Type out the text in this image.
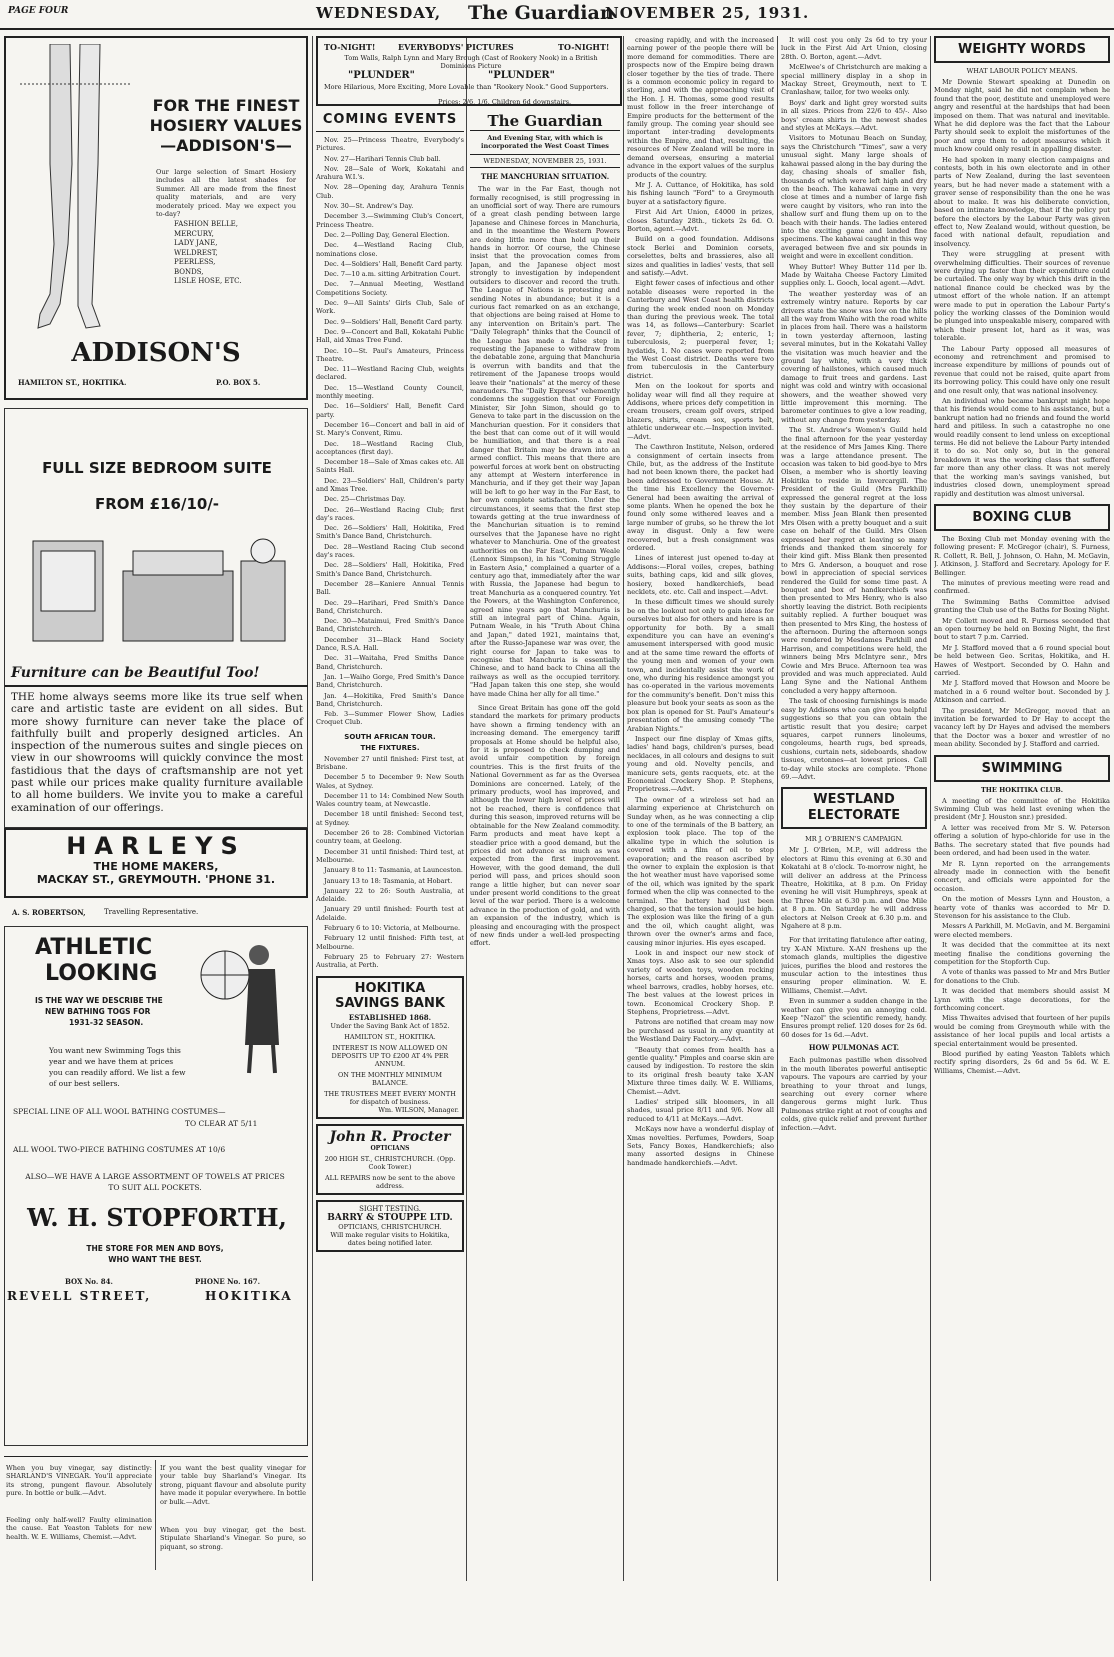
PAGE FOUR	WEDNESDAY, The Guardian
NOVEMBER 25, 1931.
FOR THE FINEST
HOSIERY VALUES
—ADDISON'S—
Our large selection of Smart Hosiery includes all the latest shades for Summer. All are made from the finest quality materials, and are very moderately priced. May we expect you to-day?
FASHION BELLE,
MERCURY,
LADY JANE,
WELDREST,
PEERLESS,
BONDS,
LISLE HOSE, ETC.
ADDISON'S
HAMILTON ST., HOKITIKA.	P.O. BOX 5.
FULL SIZE BEDROOM SUITE
FROM £16/10/-
Furniture can be Beautiful Too!
THE home always seems more like its true self when care and artistic taste are evident on all sides. But more showy furniture can never take the place of faithfully built and properly designed articles. An inspection of the numerous suites and single pieces on view in our showrooms will quickly convince the most fastidious that the days of craftsmanship are not yet past while our prices make quality furniture available to all home builders. We invite you to make a careful examination of our offerings.
HARLEYS
THE HOME MAKERS,
MACKAY ST., GREYMOUTH. 'PHONE 31.
A. S. ROBERTSON,	Travelling Representative.
ATHLETIC
LOOKING
IS THE WAY WE DESCRIBE THE
NEW BATHING TOGS FOR
1931-32 SEASON.
You want new Swimming Togs this year and we have them at prices you can readily afford. We list a few of our best sellers.
SPECIAL LINE OF ALL WOOL BATHING COSTUMES—
TO CLEAR AT 5/11
ALL WOOL TWO-PIECE BATHING COSTUMES AT 10/6
ALSO—WE HAVE A LARGE ASSORTMENT OF TOWELS AT PRICES TO SUIT ALL POCKETS.
W. H. STOPFORTH,
THE STORE FOR MEN AND BOYS, WHO WANT THE BEST.
BOX No. 84.	PHONE No. 167.
REVELL STREET,	HOKITIKA
When you buy vinegar, say distinctly: SHARLAND'S VINEGAR. You'll appreciate its strong, pungent flavour. Absolutely pure. In bottle or bulk.—Advt.
Feeling only half-well? Faulty elimination the cause. Eat Yeaston Tablets for new health. W. E. Williams, Chemist.—Advt.
If you want the best quality vinegar for your table buy Sharland's Vinegar. Its strong, piquant flavour and absolute purity have made it popular everywhere. In bottle or bulk.—Advt.
When you buy vinegar, get the best. Stipulate Sharland's Vinegar. So pure, so piquant, so strong.
TO-NIGHT!	EVERYBODYS' PICTURES	TO-NIGHT!
Tom Walls, Ralph Lynn and Mary Brough (Cast of Rookery Nook) in a British Dominions Picture
"PLUNDER"	"PLUNDER"
More Hilarious, More Exciting, More Lovable than "Rookery Nook." Good Supporters.
Prices: 2/6, 1/6. Children 6d downstairs.
COMING EVENTS

Nov. 25—Princess Theatre, Everybody's Pictures.

Nov. 27—Harihari Tennis Club ball.

Nov. 28—Sale of Work, Kokatahi and Arahura W.I.'s.

Nov. 28—Opening day, Arahura Tennis Club.

Nov. 30—St. Andrew's Day.

December 3.—Swimming Club's Concert, Princess Theatre.

Dec. 2—Polling Day, General Election.

Dec. 4—Westland Racing Club, nominations close.

Dec. 4—Soldiers' Hall, Benefit Card party.

Dec. 7—10 a.m. sitting Arbitration Court.

Dec. 7—Annual Meeting, Westland Competitions Society.

Dec. 9—All Saints' Girls Club, Sale of Work.

Dec. 9—Soldiers' Hall, Benefit Card party.

Dec. 9—Concert and Ball, Kokatahi Public Hall, aid Xmas Tree Fund.

Dec. 10—St. Paul's Amateurs, Princess Theatre.

Dec. 11—Westland Racing Club, weights declared.

Dec. 15—Westland County Council, monthly meeting.

Dec. 16—Soldiers' Hall, Benefit Card party.

December 16—Concert and ball in aid of St. Mary's Convent, Rimu.

Dec. 18—Westland Racing Club, acceptances (first day).

December 18—Sale of Xmas cakes etc. All Saints Hall.

Dec. 23—Soldiers' Hall, Children's party and Xmas Tree.

Dec. 25—Christmas Day.

Dec. 26—Westland Racing Club; first day's races.

Dec. 26—Soldiers' Hall, Hokitika, Fred Smith's Dance Band, Christchurch.

Dec. 28—Westland Racing Club second day's races.

Dec. 28—Soldiers' Hall, Hokitika, Fred Smith's Dance Band, Christchurch.

December 28—Kaniere Annual Tennis Ball.

Dec. 29—Harihari, Fred Smith's Dance Band, Christchurch.

Dec. 30—Mataimui, Fred Smith's Dance Band, Christchurch.

December 31—Black Hand Society Dance, R.S.A. Hall.

Dec. 31—Waitaha, Fred Smiths Dance Band, Christchurch.

Jan. 1—Waiho Gorge, Fred Smith's Dance Band, Christchurch.

Jan. 4—Hokitika, Fred Smith's Dance Band, Christchurch.

Feb. 3—Summer Flower Show, Ladies Croquet Club.

SOUTH AFRICAN TOUR.
THE FIXTURES.

November 27 until finished: First test, at Brisbane.

December 5 to December 9: New South Wales, at Sydney.

December 11 to 14: Combined New South Wales country team, at Newcastle.

December 18 until finished: Second test, at Sydney.

December 26 to 28: Combined Victorian country team, at Geelong.

December 31 until finished: Third test, at Melbourne.

January 8 to 11: Tasmania, at Launceston.

January 13 to 18: Tasmania, at Hobart.

January 22 to 26: South Australia, at Adelaide.

January 29 until finished: Fourth test at Adelaide.

February 6 to 10: Victoria, at Melbourne.

February 12 until finished: Fifth test, at Melbourne.

February 25 to February 27: Western Australia, at Perth.

HOKITIKA SAVINGS BANK
ESTABLISHED 1868.
Under the Saving Bank Act of 1852.
HAMILTON ST., HOKITIKA.
INTEREST IS NOW ALLOWED ON DEPOSITS UP TO £200 AT 4% PER ANNUM.
ON THE MONTHLY MINIMUM BALANCE.
THE TRUSTEES MEET EVERY MONTH for dispatch of business.
Wm. WILSON, Manager.
John R. Procter
OPTICIANS
200 HIGH ST., CHRISTCHURCH. (Opp. Cook Tower.)
ALL REPAIRS now be sent to the above address.
SIGHT TESTING.
BARRY & STOUPPE LTD.
OPTICIANS, CHRISTCHURCH.
Will make regular visits to Hokitika, dates being notified later.
The Guardian
And Evening Star, with which is incorporated the West Coast Times
WEDNESDAY, NOVEMBER 25, 1931.
THE MANCHURIAN SITUATION.
The war in the Far East, though not formally recognised, is still progressing in an unofficial sort of way. There are rumours of a great clash pending between large Japanese and Chinese forces in Manchuria, and in the meantime the Western Powers are doing little more than hold up their hands in horror. Of course, the Chinese insist that the provocation comes from Japan, and the Japanese object most strongly to investigation by independent outsiders to discover and record the truth. The League of Nations is protesting and sending Notes in abundance; but it is a curious fact remarked on as an exchange, that objections are being raised at Home to any intervention on Britain's part. The "Daily Telegraph" thinks that the Council of the League has made a false step in requesting the Japanese to withdraw from the debatable zone, arguing that Manchuria is overrun with bandits and that the retirement of the Japanese troops would leave their "nationals" at the mercy of these marauders. The "Daily Express" vehemently condemns the suggestion that our Foreign Minister, Sir John Simon, should go to Geneva to take part in the discussion on the Manchurian question. For it considers that the best that can come out of it will would be humiliation, and that there is a real danger that Britain may be drawn into an armed conflict. This means that there are powerful forces at work bent on obstructing any attempt at Western interference in Manchuria, and if they get their way Japan will be left to go her way in the Far East, to her own complete satisfaction. Under the circumstances, it seems that the first step towards getting at the true inwardness of the Manchurian situation is to remind ourselves that the Japanese have no right whatever to Manchuria. One of the greatest authorities on the Far East, Putnam Weale (Lennox Simpson), in his "Coming Struggle in Eastern Asia," complained a quarter of a century ago that, immediately after the war with Russia, the Japanese had begun to treat Manchuria as a conquered country. Yet the Powers, at the Washington Conference, agreed nine years ago that Manchuria is still an integral part of China. Again, Putnam Weale, in his "Truth About China and Japan," dated 1921, maintains that, after the Russo-Japanese war was over, the right course for Japan to take was to recognise that Manchuria is essentially Chinese, and to hand back to China all the railways as well as the occupied territory. "Had Japan taken this one step, she would have made China her ally for all time."
Since Great Britain has gone off the gold standard the markets for primary products have shown a firming tendency with an increasing demand. The emergency tariff proposals at Home should be helpful also, for it is proposed to check dumping and avoid unfair competition by foreign countries. This is the first fruits of the National Government as far as the Oversea Dominions are concerned. Lately, of the primary products, wool has improved, and although the lower high level of prices will not be reached, there is confidence that during this season, improved returns will be obtainable for the New Zealand commodity. Farm products and meat have kept a steadier price with a good demand, but the prices did not advance as much as was expected from the first improvement. However, with the good demand, the dull period will pass, and prices should soon range a little higher, but can never soar under present world conditions to the great level of the war period. There is a welcome advance in the production of gold, and with an expansion of the industry, which is pleasing and encouraging with the prospect of new finds under a well-led prospecting effort.

creasing rapidly, and with the increased earning power of the people there will be more demand for commodities. There are prospects now of the Empire being drawn closer together by the ties of trade. There is a common economic policy in regard to sterling, and with the approaching visit of the Hon. J. H. Thomas, some good results must follow in the freer interchange of Empire products for the betterment of the family group. The coming year should see important inter-trading developments within the Empire, and that, resulting, the resources of New Zealand will be more in demand overseas, ensuring a material advance in the export values of the surplus products of the country.

Mr J. A. Cuttance, of Hokitika, has sold his fishing launch "Ford" to a Greymouth buyer at a satisfactory figure.

First Aid Art Union, £4000 in prizes, closes Saturday 28th., tickets 2s 6d. O. Borton, agent.—Advt.

Build on a good foundation. Addisons stock Berlei and Dominion corsets, corselettes, belts and brassieres, also all sizes and qualities in ladies' vests, that sell and satisfy.—Advt.

Eight fewer cases of infectious and other notable diseases were reported in the Canterbury and West Coast health districts during the week ended noon on Monday than during the previous week. The total was 14, as follows—Canterbury: Scarlet fever, 7; diphtheria, 2; enteric, 1; tuberculosis, 2; puerperal fever, 1; hydatids, 1. No cases were reported from the West Coast district. Deaths were two from tuberculosis in the Canterbury district.

Men on the lookout for sports and holiday wear will find all they require at Addisons, where prices defy competition in cream trousers, cream golf overs, striped blazers, shirts, cream sox, sports belt, athletic underwear etc.—Inspection invited.—Advt.

The Cawthron Institute, Nelson, ordered a consignment of certain insects from Chile, but, as the address of the Institute had not been known there, the packet had been addressed to Government House. At the time his Excellency the Governor-General had been awaiting the arrival of some plants. When he opened the box he found only some withered leaves and a large number of grubs, so he threw the lot away in disgust. Only a few were recovered, but a fresh consignment was ordered.

Lines of interest just opened to-day at Addisons:—Floral voiles, crepes, bathing suits, bathing caps, kid and silk gloves, hosiery, boxed handkerchiefs, bead necklets, etc. etc. Call and inspect.—Advt.

In these difficult times we should surely be on the lookout not only to gain ideas for ourselves but also for others and here is an opportunity for both. By a small expenditure you can have an evening's amusement interspersed with good music and at the same time reward the efforts of the young men and women of your own town, and incidentally assist the work of one, who during his residence amongst you has co-operated in the various movements for the community's benefit. Don't miss this pleasure but book your seats as soon as the box plan is opened for St. Paul's Amateur's presentation of the amusing comedy "The Arabian Nights."

Inspect our fine display of Xmas gifts, ladies' hand bags, children's purses, bead necklaces, in all colours and designs to suit young and old. Novelty pencils, and manicure sets, gents racquets, etc. at the Economical Crockery Shop. P. Stephens, Proprietress.—Advt.

The owner of a wireless set had an alarming experience at Christchurch on Sunday when, as he was connecting a clip to one of the terminals of the B battery, an explosion took place. The top of the alkaline type in which the solution is covered with a film of oil to stop evaporation; and the reason ascribed by the owner to explain the explosion is that the hot weather must have vaporised some of the oil, which was ignited by the spark formed when the clip was connected to the terminal. The battery had just been charged, so that the tension would be high. The explosion was like the firing of a gun and the oil, which caught alight, was thrown over the owner's arms and face, causing minor injuries. His eyes escaped.

Look in and inspect our new stock of Xmas toys. Also ask to see our splendid variety of wooden toys, wooden rocking horses, carts and horses, wooden prams, wheel barrows, cradles, hobby horses, etc. The best values at the lowest prices in town. Economical Crockery Shop. P. Stephens, Proprietress.—Advt.

Patrons are notified that cream may now be purchased as usual in any quantity at the Westland Dairy Factory.—Advt.

"Beauty that comes from health has a gentle quality." Pimples and coarse skin are caused by indigestion. To restore the skin to its original fresh beauty take X-AN Mixture three times daily. W. E. Williams, Chemist.—Advt.

Ladies' striped silk bloomers, in all shades, usual price 8/11 and 9/6. Now all reduced to 4/11 at McKays.—Advt.

McKays now have a wonderful display of Xmas novelties. Perfumes, Powders, Soap Sets, Fancy Boxes, Handkerchiefs; also many assorted designs in Chinese handmade handkerchiefs.—Advt.

It will cost you only 2s 6d to try your luck in the First Aid Art Union, closing 28th. O. Borton, agent.—Advt.

McElwee's of Christchurch are making a special millinery display in a shop in Mackay Street, Greymouth, next to T. Cranlashaw, tailor, for two weeks only.

Boys' dark and light grey worsted suits in all sizes. Prices from 22/6 to 45/-. Also boys' cream shirts in the newest shades and styles at McKays.—Advt.

Visitors to Motunau Beach on Sunday, says the Christchurch "Times", saw a very unusual sight. Many large shoals of kahawai passed along in the bay during the day, chasing shoals of smaller fish, thousands of which were left high and dry on the beach. The kahawai came in very close at times and a number of large fish were caught by visitors, who ran into the shallow surf and flung them up on to the beach with their hands. The ladies entered into the exciting game and landed fine specimens. The kahawai caught in this way averaged between five and six pounds in weight and were in excellent condition.

Whey Butter! Whey Butter 11d per lb. Made by Waitaha Cheese Factory Limited supplies only. L. Gooch, local agent.—Advt.

The weather yesterday was of an extremely wintry nature. Reports by car drivers state the snow was low on the hills all the way from Waiho with the road white in places from hail. There was a hailstorm in town yesterday afternoon, lasting several minutes, but in the Kokatahi Valley the visitation was much heavier and the ground lay white, with a very thick covering of hailstones, which caused much damage to fruit trees and gardens. Last night was cold and wintry with occasional showers, and the weather showed very little improvement this morning. The barometer continues to give a low reading, without any change from yesterday.

The St. Andrew's Women's Guild held the final afternoon for the year yesterday at the residence of Mrs James King. There was a large attendance present. The occasion was taken to bid good-bye to Mrs Olsen, a member who is shortly leaving Hokitika to reside in Invercargill. The President of the Guild (Mrs Parkhill) expressed the general regret at the loss they sustain by the departure of their member. Miss Jean Blank then presented Mrs Olsen with a pretty bouquet and a suit case on behalf of the Guild. Mrs Olsen expressed her regret at leaving so many friends and thanked them sincerely for their kind gift. Miss Blank then presented to Mrs G. Anderson, a bouquet and rose bowl in appreciation of special services rendered the Guild for some time past. A bouquet and box of handkerchiefs was then presented to Mrs Henry, who is also shortly leaving the district. Both recipients suitably replied. A further bouquet was then presented to Mrs King, the hostess of the afternoon. During the afternoon songs were rendered by Mesdames Parkhill and Harrison, and competitions were held, the winners being Mrs McIntyre senr., Mrs Cowie and Mrs Bruce. Afternoon tea was provided and was much appreciated. Auld Lang Syne and the National Anthem concluded a very happy afternoon.

The task of choosing furnishings is made easy by Addisons who can give you helpful suggestions so that you can obtain the artistic result that you desire; carpet squares, carpet runners linoleums, congoleums, hearth rugs, bed spreads, cushions, curtain nets, sideboards, shadow tissues, cretonnes—at lowest prices. Call to-day while stocks are complete. 'Phone 69.—Advt.

WESTLAND ELECTORATE
MR J. O'BRIEN'S CAMPAIGN.
Mr J. O'Brien, M.P., will address the electors at Rimu this evening at 6.30 and Kokatahi at 8 o'clock. To-morrow night, he will deliver an address at the Princess Theatre, Hokitika, at 8 p.m. On Friday evening he will visit Humphreys, speak at the Three Mile at 6.30 p.m. and One Mile at 8 p.m. On Saturday he will address electors at Nelson Creek at 6.30 p.m. and Ngahere at 8 p.m.

For that irritating flatulence after eating, try X-AN Mixture. X-AN freshens up the stomach glands, multiplies the digestive juices, purifies the blood and restores the muscular action to the intestines thus ensuring proper elimination. W. E. Williams, Chemist.—Advt.

Even in summer a sudden change in the weather can give you an annoying cold. Keep "Nazol" the scientific remedy, handy. Ensures prompt relief. 120 doses for 2s 6d. 60 doses for 1s 6d.—Advt.

HOW PULMONAS ACT.
Each pulmonas pastille when dissolved in the mouth liberates powerful antiseptic vapours. The vapours are carried by your breathing to your throat and lungs, searching out every corner where dangerous germs might lurk. Thus Pulmonas strike right at root of coughs and colds, give quick relief and prevent further infection.—Advt.
WEIGHTY WORDS
WHAT LABOUR POLICY MEANS.

Mr Downie Stewart speaking at Dunedin on Monday night, said he did not complain when he found that the poor, destitute and unemployed were angry and resentful at the hardships that had been imposed on them. That was natural and inevitable. What he did deplore was the fact that the Labour Party should seek to exploit the misfortunes of the poor and urge them to adopt measures which it much know could only result in appalling disaster.

He had spoken in many election campaigns and contests, both in his own electorate and in other parts of New Zealand, during the last seventeen years, but he had never made a statement with a graver sense of responsibility than the one he was about to make. It was his deliberate conviction, based on intimate knowledge, that if the policy put before the electors by the Labour Party was given effect to, New Zealand would, without question, be faced with national default, repudiation and insolvency.

They were struggling at present with overwhelming difficulties. Their sources of revenue were drying up faster than their expenditure could be curtailed. The only way by which this drift in the national finance could be checked was by the utmost effort of the whole nation. If an attempt were made to put in operation the Labour Party's policy the working classes of the Dominion would be plunged into unspeakable misery, compared with which their present lot, hard as it was, was tolerable.

The Labour Party opposed all measures of economy and retrenchment and promised to increase expenditure by millions of pounds out of revenue that could not be raised, quite apart from its borrowing policy. This could have only one result and one result only, that was national insolvency.

An individual who became bankrupt might hope that his friends would come to his assistance, but a bankrupt nation had no friends and found the world hard and pitiless. In such a catastrophe no one would readily consent to lend unless on exceptional terms. He did not believe the Labour Party intended it to do so. Not only so, but in the general breakdown it was the working class that suffered far more than any other class. It was not merely that the working man's savings vanished, but industries closed down, unemployment spread rapidly and destitution was almost universal.

BOXING CLUB

The Boxing Club met Monday evening with the following present: F. McGregor (chair), S. Furness, R. Collett, R. Bell, J. Johnson, O. Hahn, M. McGavin, J. Atkinson, J. Stafford and Secretary. Apology for F. Bellinger.

The minutes of previous meeting were read and confirmed.

The Swimming Baths Committee advised granting the Club use of the Baths for Boxing Night.

Mr Collett moved and R. Furness seconded that an open tourney be held on Boxing Night, the first bout to start 7 p.m. Carried.

Mr J. Stafford moved that a 6 round special bout be held between Geo. Scritas, Hokitika, and H. Hawes of Westport. Seconded by O. Hahn and carried.

Mr J. Stafford moved that Howson and Moore be matched in a 6 round welter bout. Seconded by J. Atkinson and carried.

The president, Mr McGregor, moved that an invitation be forwarded to Dr Hay to accept the vacancy left by Dr Hayes and advised the members that the Doctor was a boxer and wrestler of no mean ability. Seconded by J. Stafford and carried.

SWIMMING
THE HOKITIKA CLUB.

A meeting of the committee of the Hokitika Swimming Club was held last evening when the president (Mr J. Houston snr.) presided.

A letter was received from Mr S. W. Peterson offering a solution of hypo-chloride for use in the Baths. The secretary stated that five pounds had been ordered, and had been used in the water.

Mr R. Lynn reported on the arrangements already made in connection with the benefit concert, and officials were appointed for the occasion.

On the motion of Messrs Lynn and Houston, a hearty vote of thanks was accorded to Mr D. Stevenson for his assistance to the Club.

Messrs A Parkhill, M. McGavin, and M. Bergamini were elected members.

It was decided that the committee at its next meeting finalise the conditions governing the competition for the Stopforth Cup.

A vote of thanks was passed to Mr and Mrs Butler for donations to the Club.

It was decided that members should assist M Lynn with the stage decorations, for the forthcoming concert.

Miss Thwaites advised that fourteen of her pupils would be coming from Greymouth while with the assistance of her local pupils and local artists a special entertainment would be presented.

Blood purified by eating Yeaston Tablets which rectify spring disorders, 2s 6d and 5s 6d. W. E. Williams, Chemist.—Advt.
